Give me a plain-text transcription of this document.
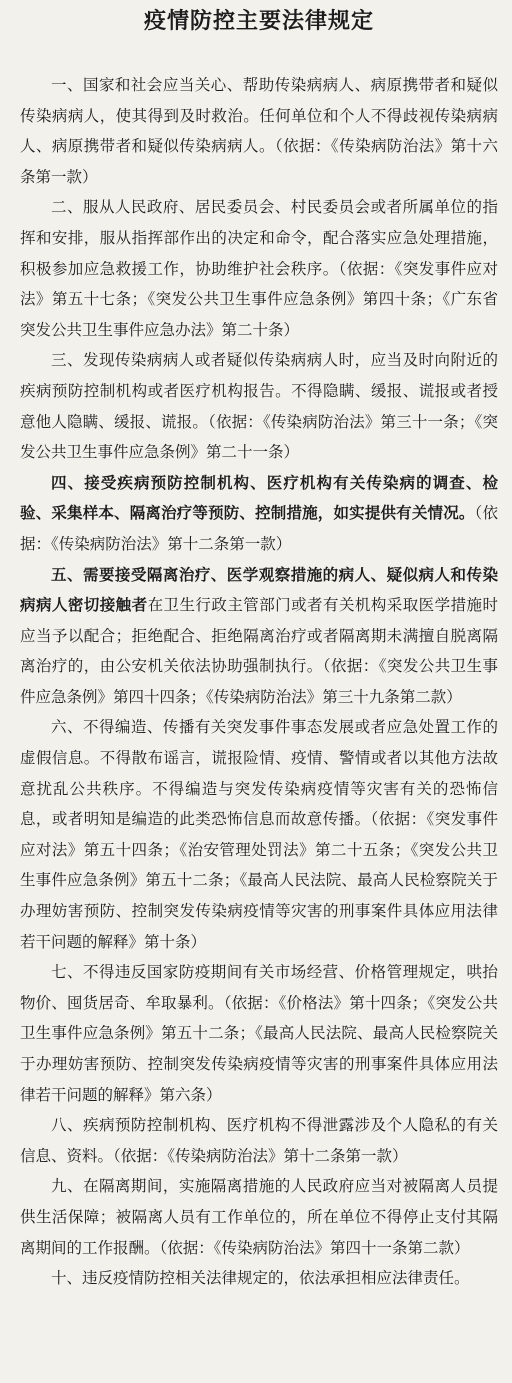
疫情防控主要法律规定

一、国家和社会应当关心、帮助传染病病人、病原携带者和疑似传染病病人，使其得到及时救治。任何单位和个人不得歧视传染病病人、病原携带者和疑似传染病病人。（依据：《传染病防治法》第十六条第一款）

二、服从人民政府、居民委员会、村民委员会或者所属单位的指挥和安排，服从指挥部作出的决定和命令，配合落实应急处理措施，积极参加应急救援工作，协助维护社会秩序。（依据：《突发事件应对法》第五十七条；《突发公共卫生事件应急条例》第四十条；《广东省突发公共卫生事件应急办法》第二十条）

三、发现传染病病人或者疑似传染病病人时，应当及时向附近的疾病预防控制机构或者医疗机构报告。不得隐瞒、缓报、谎报或者授意他人隐瞒、缓报、谎报。（依据：《传染病防治法》第三十一条；《突发公共卫生事件应急条例》第二十一条）

四、接受疾病预防控制机构、医疗机构有关传染病的调查、检验、采集样本、隔离治疗等预防、控制措施，如实提供有关情况。（依据：《传染病防治法》第十二条第一款）

五、需要接受隔离治疗、医学观察措施的病人、疑似病人和传染病病人密切接触者在卫生行政主管部门或者有关机构采取医学措施时应当予以配合；拒绝配合、拒绝隔离治疗或者隔离期未满擅自脱离隔离治疗的，由公安机关依法协助强制执行。（依据：《突发公共卫生事件应急条例》第四十四条；《传染病防治法》第三十九条第二款）

六、不得编造、传播有关突发事件事态发展或者应急处置工作的虚假信息。不得散布谣言，谎报险情、疫情、警情或者以其他方法故意扰乱公共秩序。不得编造与突发传染病疫情等灾害有关的恐怖信息，或者明知是编造的此类恐怖信息而故意传播。（依据：《突发事件应对法》第五十四条；《治安管理处罚法》第二十五条；《突发公共卫生事件应急条例》第五十二条；《最高人民法院、最高人民检察院关于办理妨害预防、控制突发传染病疫情等灾害的刑事案件具体应用法律若干问题的解释》第十条）

七、不得违反国家防疫期间有关市场经营、价格管理规定，哄抬物价、囤货居奇、牟取暴利。（依据：《价格法》第十四条；《突发公共卫生事件应急条例》第五十二条；《最高人民法院、最高人民检察院关于办理妨害预防、控制突发传染病疫情等灾害的刑事案件具体应用法律若干问题的解释》第六条）

八、疾病预防控制机构、医疗机构不得泄露涉及个人隐私的有关信息、资料。（依据：《传染病防治法》第十二条第一款）

九、在隔离期间，实施隔离措施的人民政府应当对被隔离人员提供生活保障；被隔离人员有工作单位的，所在单位不得停止支付其隔离期间的工作报酬。（依据：《传染病防治法》第四十一条第二款）

十、违反疫情防控相关法律规定的，依法承担相应法律责任。
